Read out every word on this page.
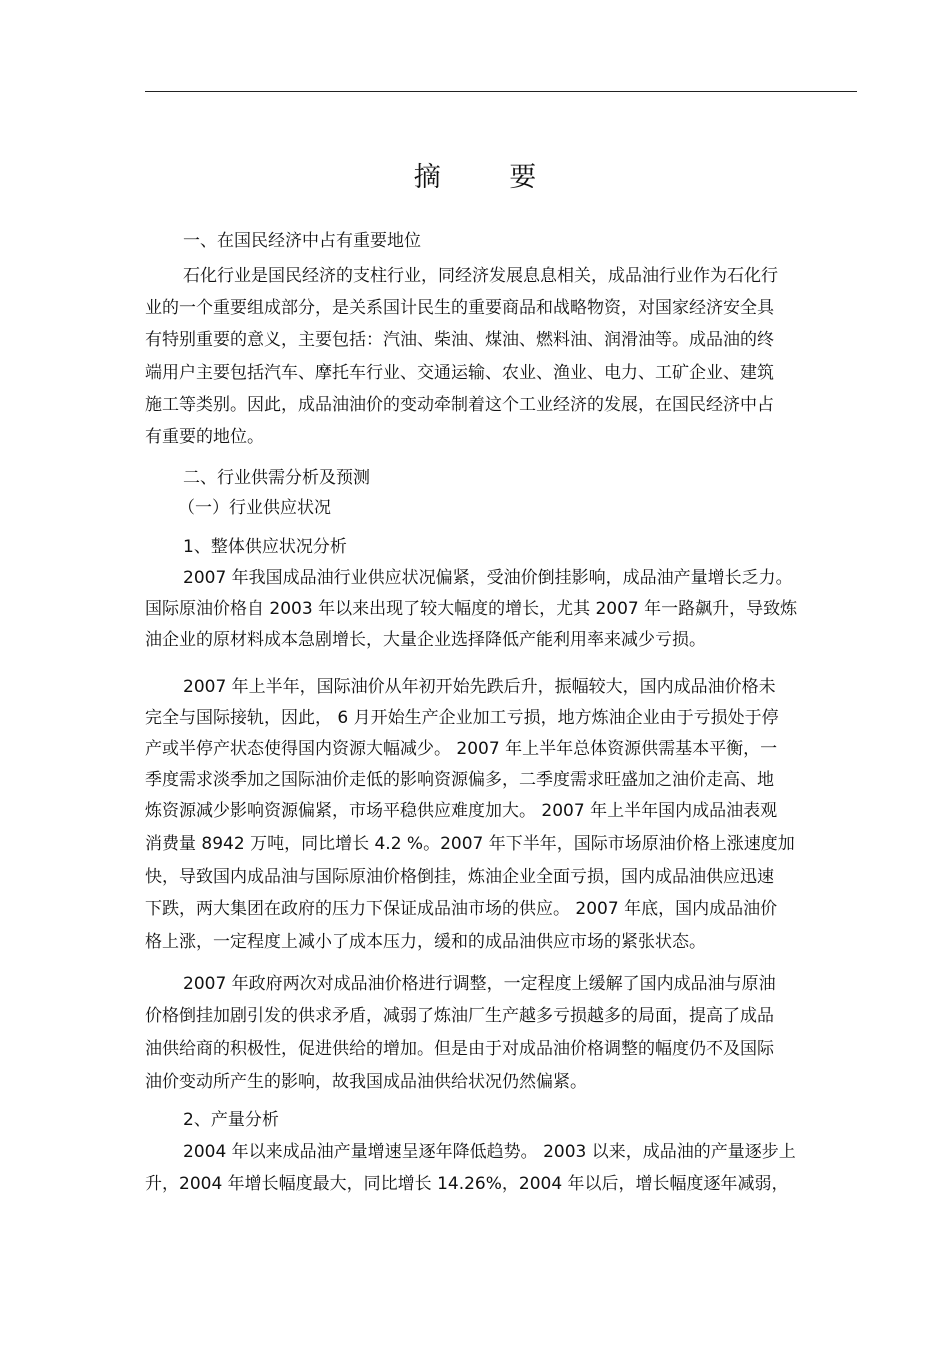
摘 要

一、在国民经济中占有重要地位

石化行业是国民经济的支柱行业，同经济发展息息相关，成品油行业作为石化行

业的一个重要组成部分，是关系国计民生的重要商品和战略物资，对国家经济安全具

有特别重要的意义，主要包括：汽油、柴油、煤油、燃料油、润滑油等。成品油的终

端用户主要包括汽车、摩托车行业、交通运输、农业、渔业、电力、工矿企业、建筑

施工等类别。因此，成品油油价的变动牵制着这个工业经济的发展，在国民经济中占

有重要的地位。

二、行业供需分析及预测

（一）行业供应状况

1、整体供应状况分析

2007 年我国成品油行业供应状况偏紧，受油价倒挂影响，成品油产量增长乏力。

国际原油价格自 2003 年以来出现了较大幅度的增长，尤其 2007 年一路飙升，导致炼

油企业的原材料成本急剧增长，大量企业选择降低产能利用率来减少亏损。

2007 年上半年，国际油价从年初开始先跌后升，振幅较大，国内成品油价格未

完全与国际接轨，因此， 6 月开始生产企业加工亏损，地方炼油企业由于亏损处于停

产或半停产状态使得国内资源大幅减少。 2007 年上半年总体资源供需基本平衡，一

季度需求淡季加之国际油价走低的影响资源偏多，二季度需求旺盛加之油价走高、地

炼资源减少影响资源偏紧，市场平稳供应难度加大。 2007 年上半年国内成品油表观

消费量 8942 万吨，同比增长 4.2 %。2007 年下半年，国际市场原油价格上涨速度加

快，导致国内成品油与国际原油价格倒挂，炼油企业全面亏损，国内成品油供应迅速

下跌，两大集团在政府的压力下保证成品油市场的供应。 2007 年底，国内成品油价

格上涨，一定程度上减小了成本压力，缓和的成品油供应市场的紧张状态。

2007 年政府两次对成品油价格进行调整，一定程度上缓解了国内成品油与原油

价格倒挂加剧引发的供求矛盾，减弱了炼油厂生产越多亏损越多的局面，提高了成品

油供给商的积极性，促进供给的增加。但是由于对成品油价格调整的幅度仍不及国际

油价变动所产生的影响，故我国成品油供给状况仍然偏紧。

2、产量分析

2004 年以来成品油产量增速呈逐年降低趋势。 2003 以来，成品油的产量逐步上

升，2004 年增长幅度最大，同比增长 14.26%，2004 年以后，增长幅度逐年减弱，
